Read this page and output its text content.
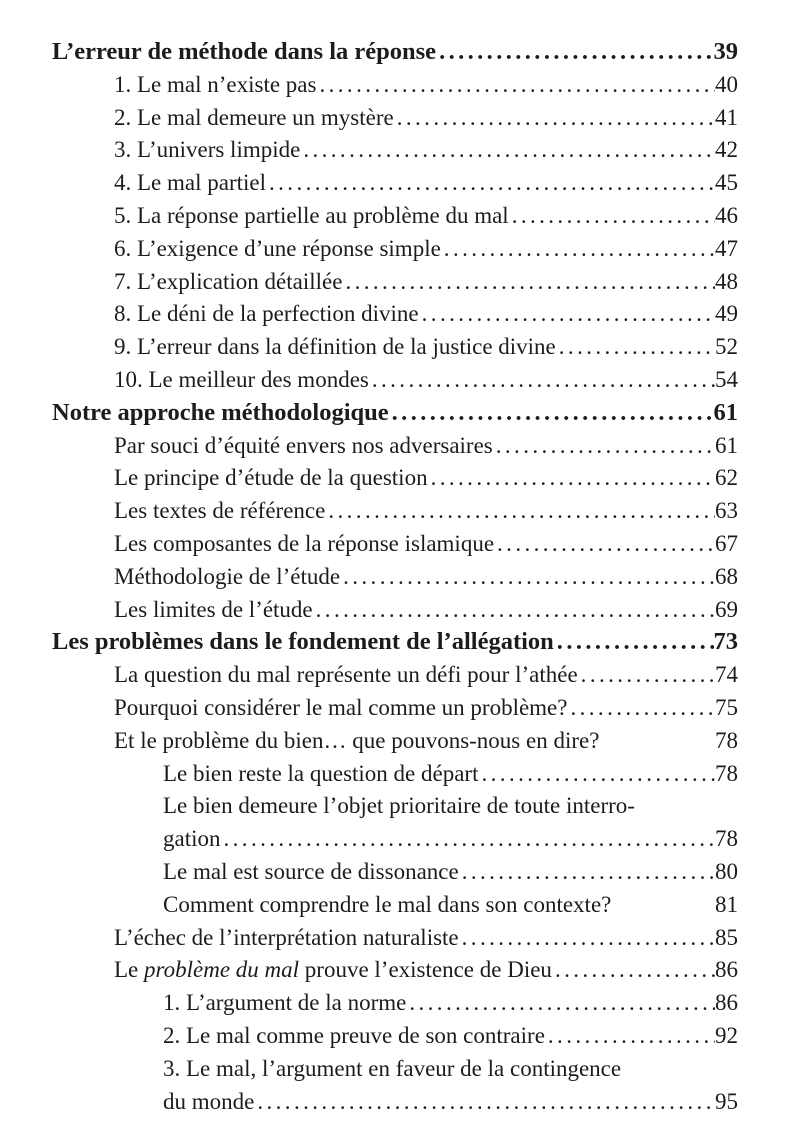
L’erreur de méthode dans la réponse .....	39
1. Le mal n’existe pas .....	40
2. Le mal demeure un mystère .....	41
3. L’univers limpide .....	42
4. Le mal partiel .....	45
5. La réponse partielle au problème du mal .....	46
6. L’exigence d’une réponse simple .....	47
7. L’explication détaillée .....	48
8. Le déni de la perfection divine .....	49
9. L’erreur dans la définition de la justice divine .....	52
10. Le meilleur des mondes .....	54
Notre approche méthodologique .....	61
Par souci d’équité envers nos adversaires .....	61
Le principe d’étude de la question .....	62
Les textes de référence .....	63
Les composantes de la réponse islamique .....	67
Méthodologie de l’étude .....	68
Les limites de l’étude .....	69
Les problèmes dans le fondement de l’allégation .....	73
La question du mal représente un défi pour l’athée .....	74
Pourquoi considérer le mal comme un problème? .....	75
Et le problème du bien… que pouvons-nous en dire?	78
Le bien reste la question de départ .....	78
Le bien demeure l’objet prioritaire de toute interro-
gation .....	78
Le mal est source de dissonance .....	80
Comment comprendre le mal dans son contexte?	81
L’échec de l’interprétation naturaliste .....	85
Le problème du mal prouve l’existence de Dieu .....	86
1. L’argument de la norme .....	86
2. Le mal comme preuve de son contraire .....	92
3. Le mal, l’argument en faveur de la contingence
du monde .....	95
